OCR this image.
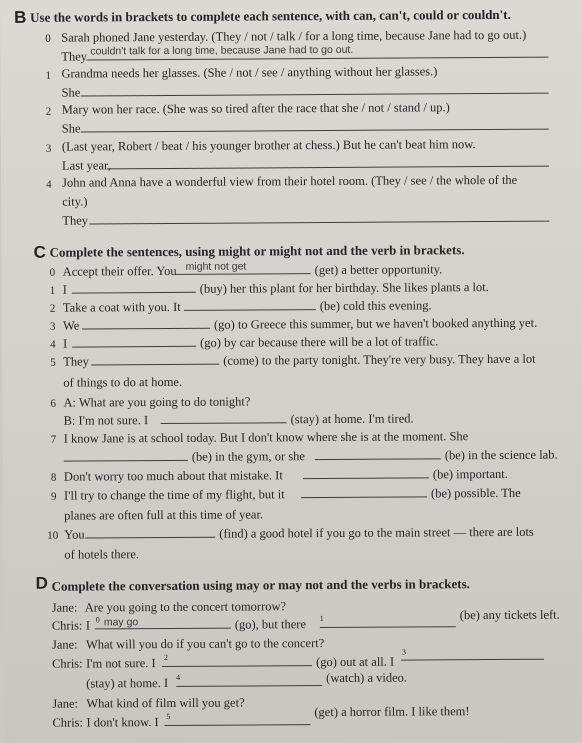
B Use the words in brackets to complete each sentence, with can, can't, could or couldn't.
0 Sarah phoned Jane yesterday. (They / not / talk / for a long time, because Jane had to go out.)
They couldn't talk for a long time, because Jane had to go out.
1 Grandma needs her glasses. (She / not / see / anything without her glasses.)
She
2 Mary won her race. (She was so tired after the race that she / not / stand / up.)
She
3 (Last year, Robert / beat / his younger brother at chess.) But he can't beat him now.
Last year,
4 John and Anna have a wonderful view from their hotel room. (They / see / the whole of the
city.)
They
C Complete the sentences, using might or might not and the verb in brackets.
0 Accept their offer. You might not get	(get) a better opportunity.
1 I	(buy) her this plant for her birthday. She likes plants a lot.
2 Take a coat with you. It	(be) cold this evening.
3 We	(go) to Greece this summer, but we haven't booked anything yet.
4 I	(go) by car because there will be a lot of traffic.
5 They	(come) to the party tonight. They're very busy. They have a lot
of things to do at home.
6 A: What are you going to do tonight?
B: I'm not sure. I	(stay) at home. I'm tired.
7 I know Jane is at school today. But I don't know where she is at the moment. She
(be) in the gym, or she	(be) in the science lab.
8 Don't worry too much about that mistake. It	(be) important.
9 I'll try to change the time of my flight, but it	(be) possible. The
planes are often full at this time of year.
10 You	(find) a good hotel if you go to the main street — there are lots
of hotels there.
D Complete the conversation using may or may not and the verbs in brackets.
Jane: Are you going to the concert tomorrow?
Chris: I 0 may go	(go), but there 1	(be) any tickets left.
Jane: What will you do if you can't go to the concert?
Chris: I'm not sure. I 2	(go) out at all. I
3
(stay) at home. I 4	(watch) a video.
Jane: What kind of film will you get?
Chris: I don't know. I 5	(get) a horror film. I like them!
